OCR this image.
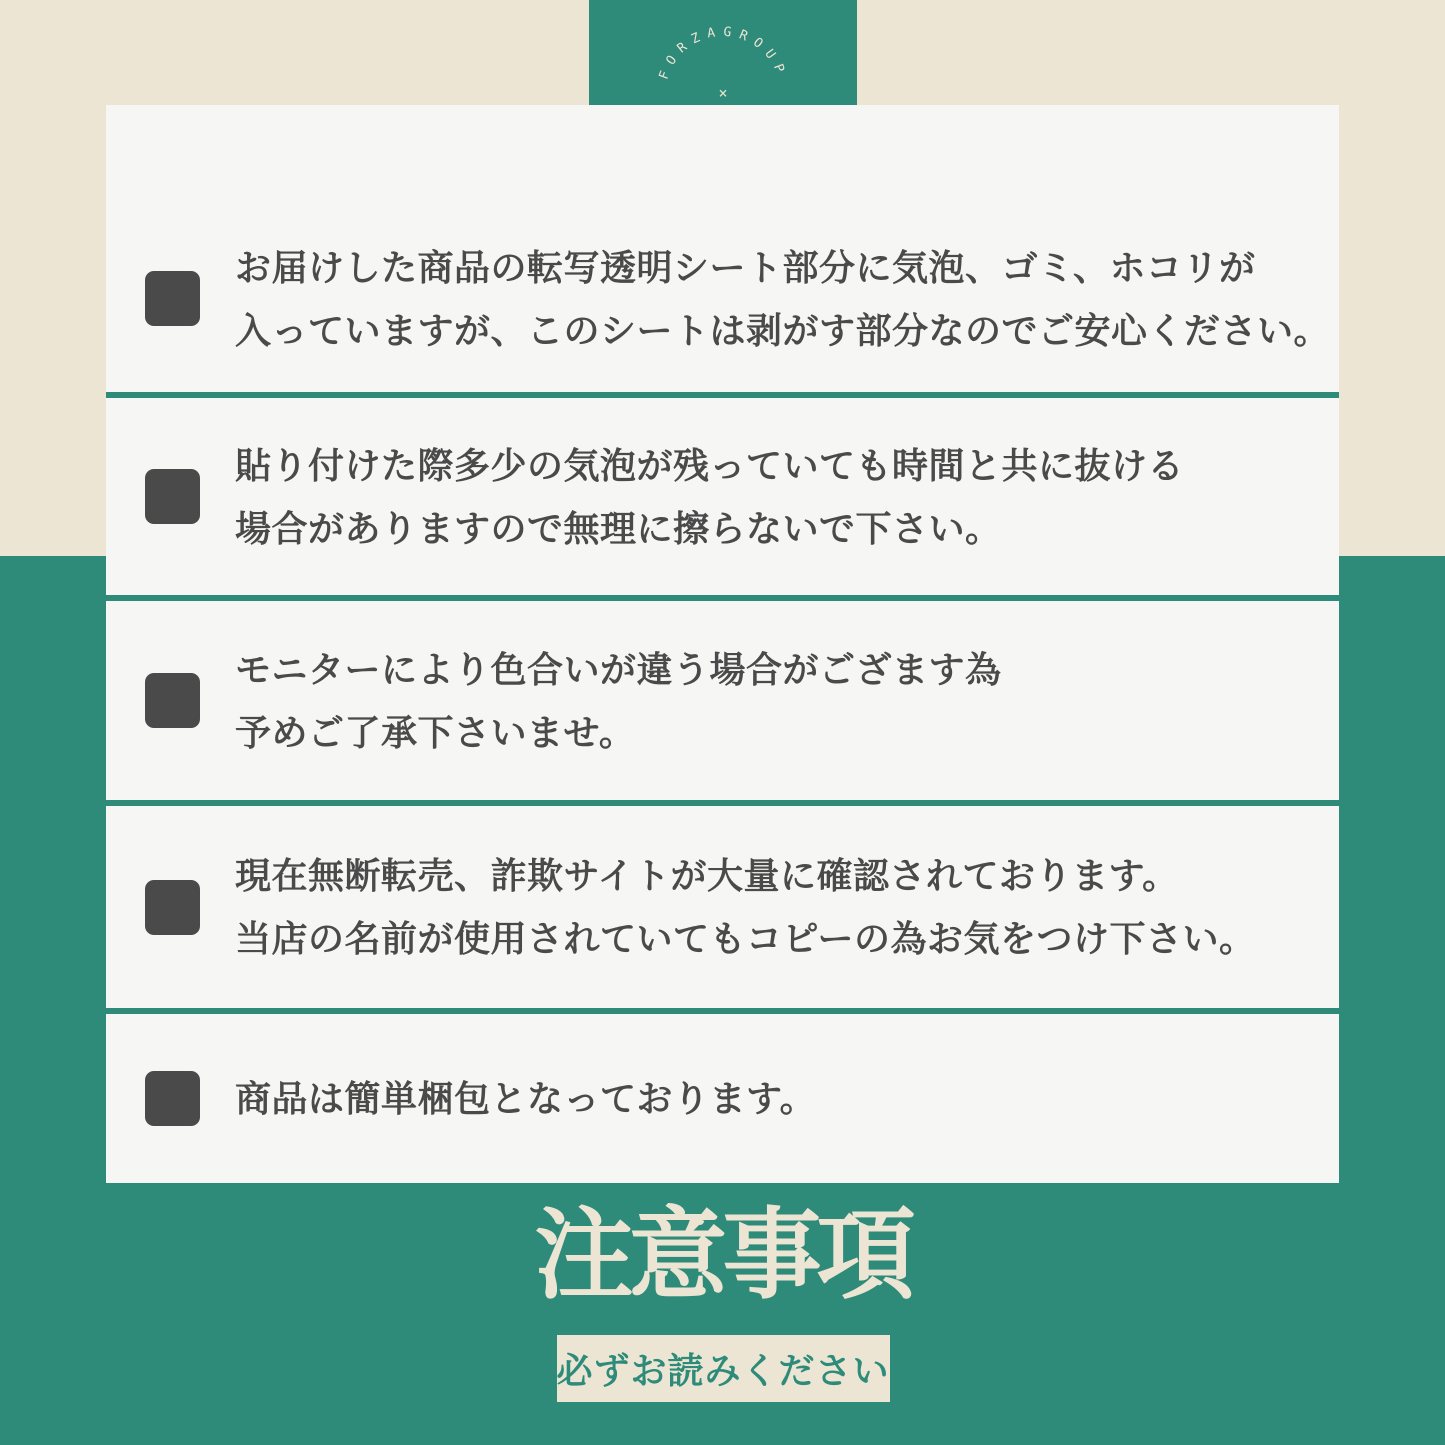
FORZAGROUP
×
お届けした商品の転写透明シート部分に気泡、ゴミ、ホコリが
入っていますが、このシートは剥がす部分なのでご安心ください。
貼り付けた際多少の気泡が残っていても時間と共に抜ける
場合がありますので無理に擦らないで下さい。
モニターにより色合いが違う場合がござます為
予めご了承下さいませ。
現在無断転売、詐欺サイトが大量に確認されております。
当店の名前が使用されていてもコピーの為お気をつけ下さい。
商品は簡単梱包となっております。
注意事項
必ずお読みください
